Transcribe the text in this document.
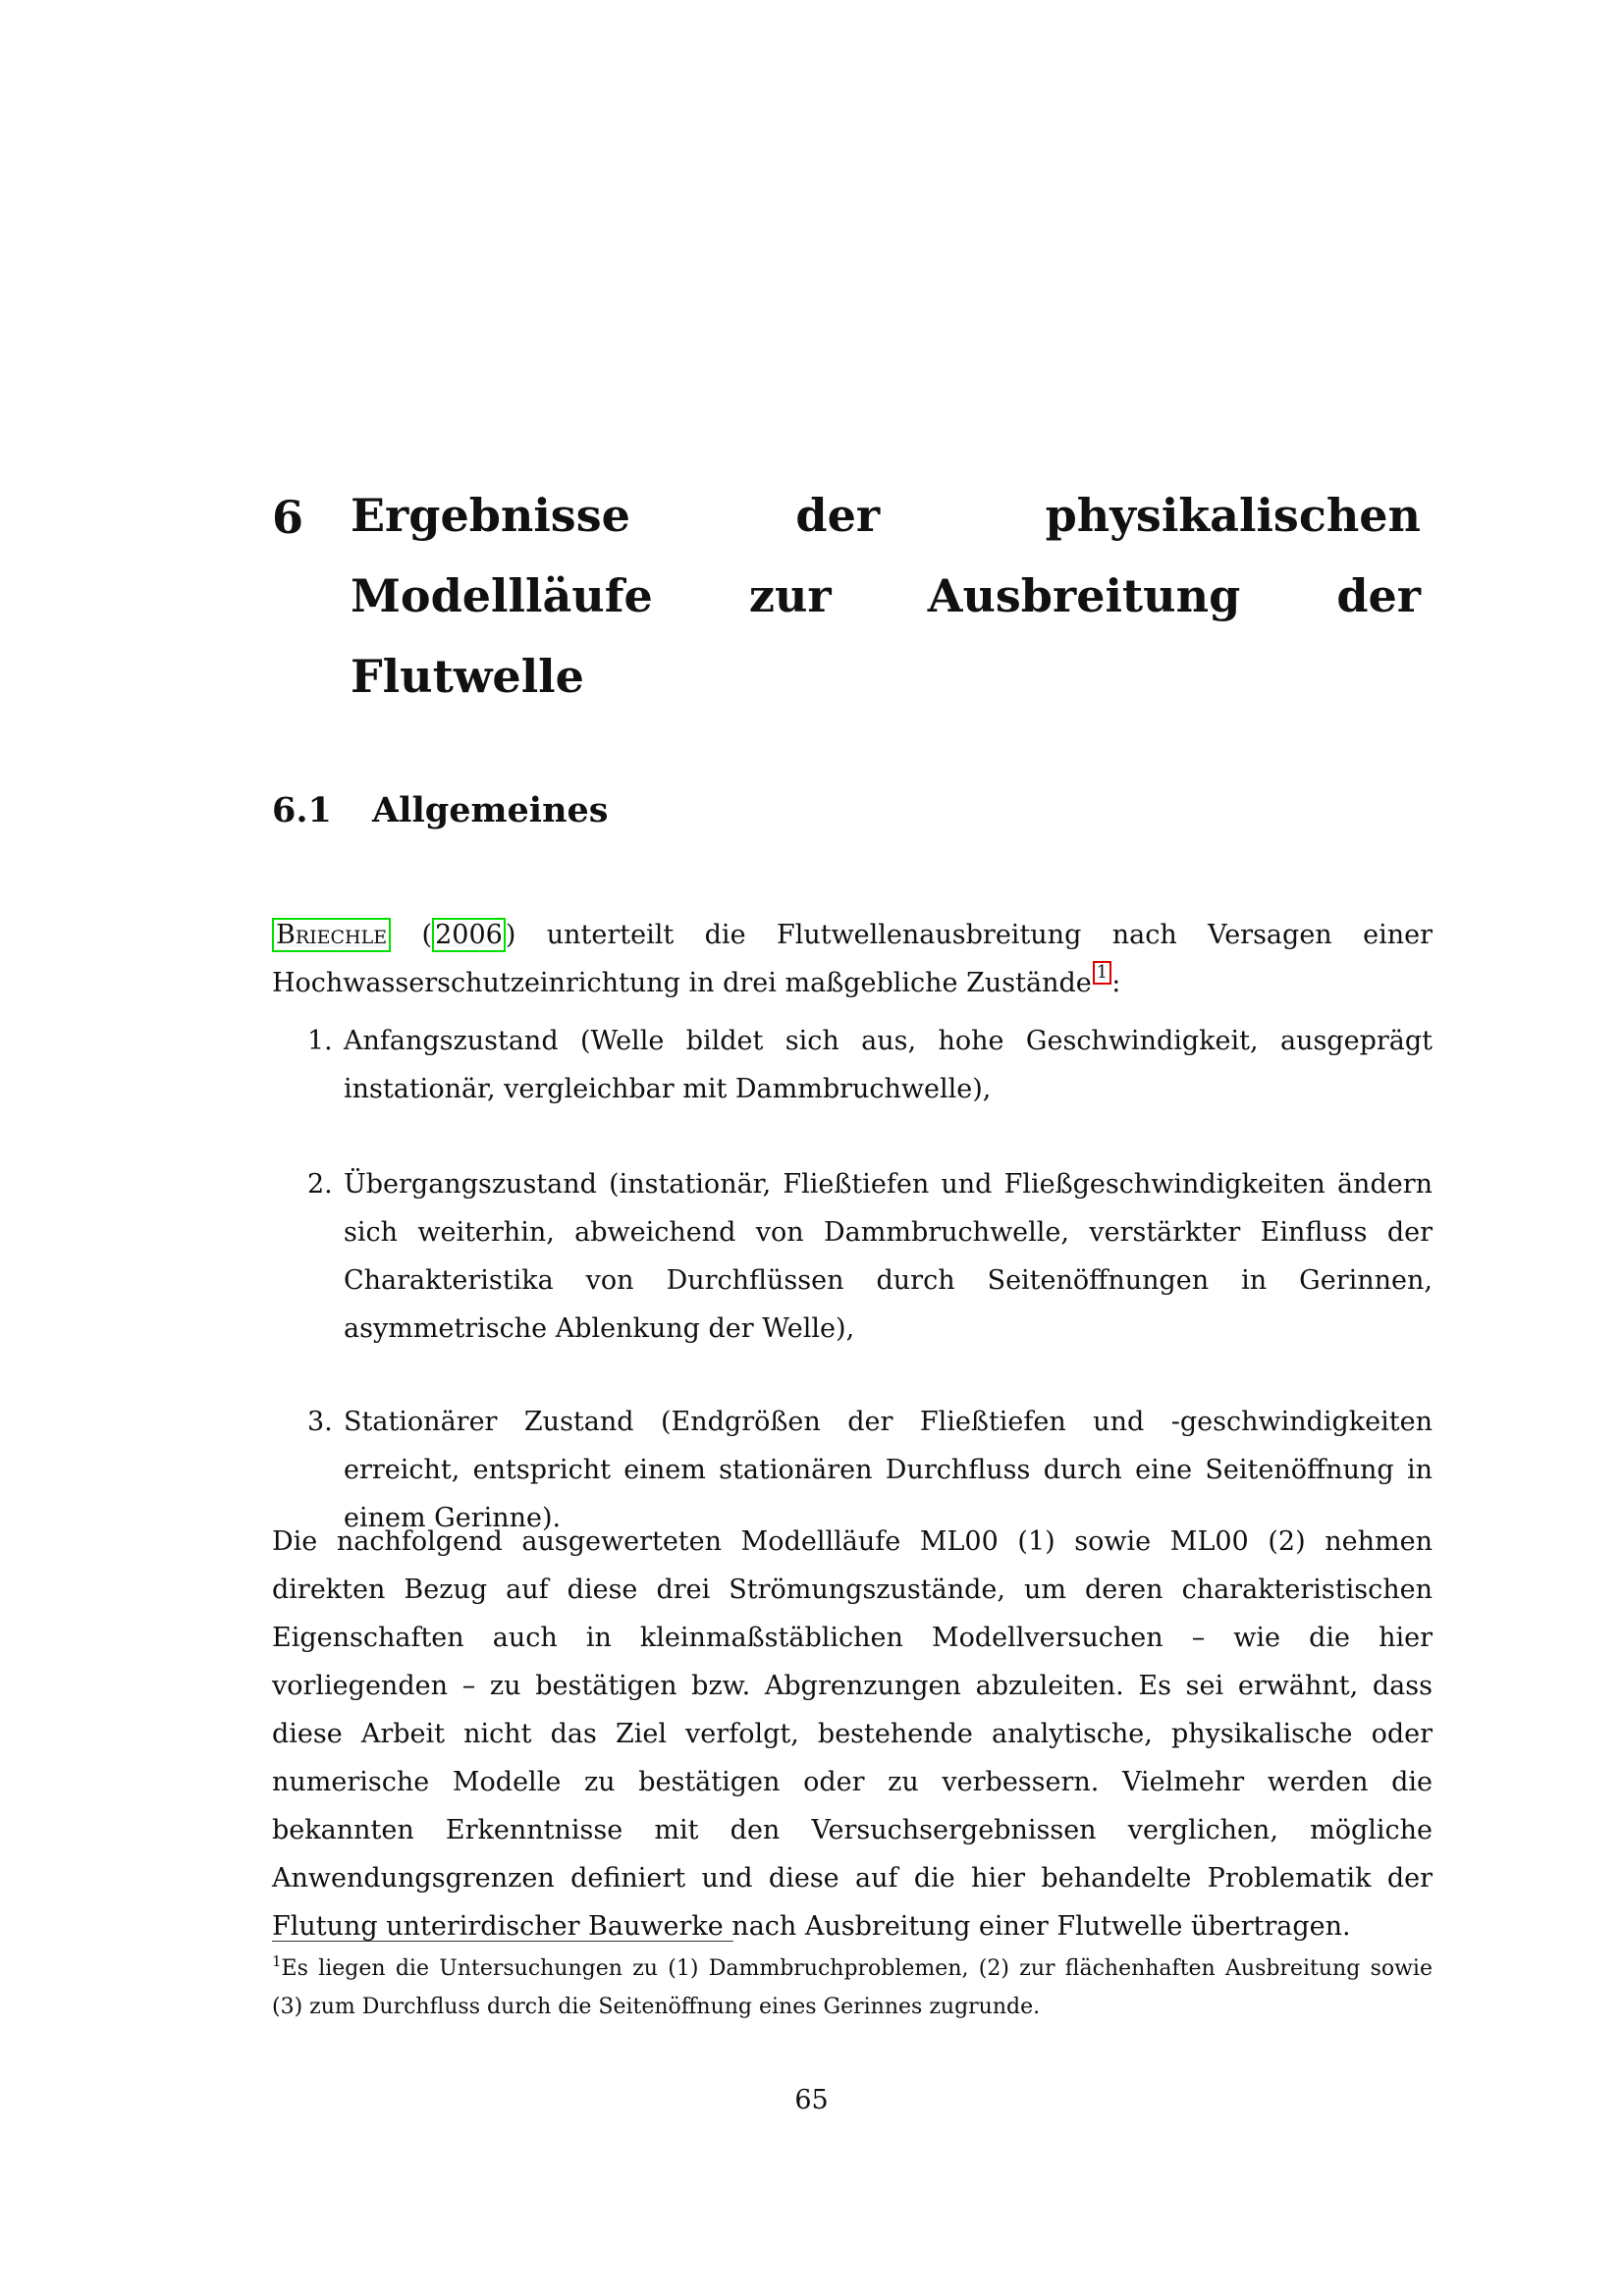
6 Ergebnisse der physikalischen Modellläufe zur Ausbreitung der Flutwelle
6.1 Allgemeines
Briechle ( 2006 ) unterteilt die Flutwellenausbreitung nach Versagen einer Hochwasserschutzeinrichtung in drei maßgebliche Zustände 1 :
1. Anfangszustand (Welle bildet sich aus, hohe Geschwindigkeit, ausgeprägt instationär, vergleichbar mit Dammbruchwelle),
2. Übergangszustand (instationär, Fließtiefen und Fließgeschwindigkeiten ändern sich weiterhin, abweichend von Dammbruchwelle, verstärkter Einfluss der Charakteristika von Durchflüssen durch Seitenöffnungen in Gerinnen, asymmetrische Ablenkung der Welle),
3. Stationärer Zustand (Endgrößen der Fließtiefen und -geschwindigkeiten erreicht, entspricht einem stationären Durchfluss durch eine Seitenöffnung in einem Gerinne).
Die nachfolgend ausgewerteten Modellläufe ML00 (1) sowie ML00 (2) nehmen direkten Bezug auf diese drei Strömungszustände, um deren charakteristischen Eigenschaften auch in kleinmaßstäblichen Modellversuchen – wie die hier vorliegenden – zu bestätigen bzw. Abgrenzungen abzuleiten. Es sei erwähnt, dass diese Arbeit nicht das Ziel verfolgt, bestehende analytische, physikalische oder numerische Modelle zu bestätigen oder zu verbessern. Vielmehr werden die bekannten Erkenntnisse mit den Versuchsergebnissen verglichen, mögliche Anwendungsgrenzen definiert und diese auf die hier behandelte Problematik der Flutung unterirdischer Bauwerke nach Ausbreitung einer Flutwelle übertragen.
$^1$Es liegen die Untersuchungen zu (1) Dammbruchproblemen, (2) zur flächenhaften Ausbreitung sowie (3) zum Durchfluss durch die Seitenöffnung eines Gerinnes zugrunde.
65
